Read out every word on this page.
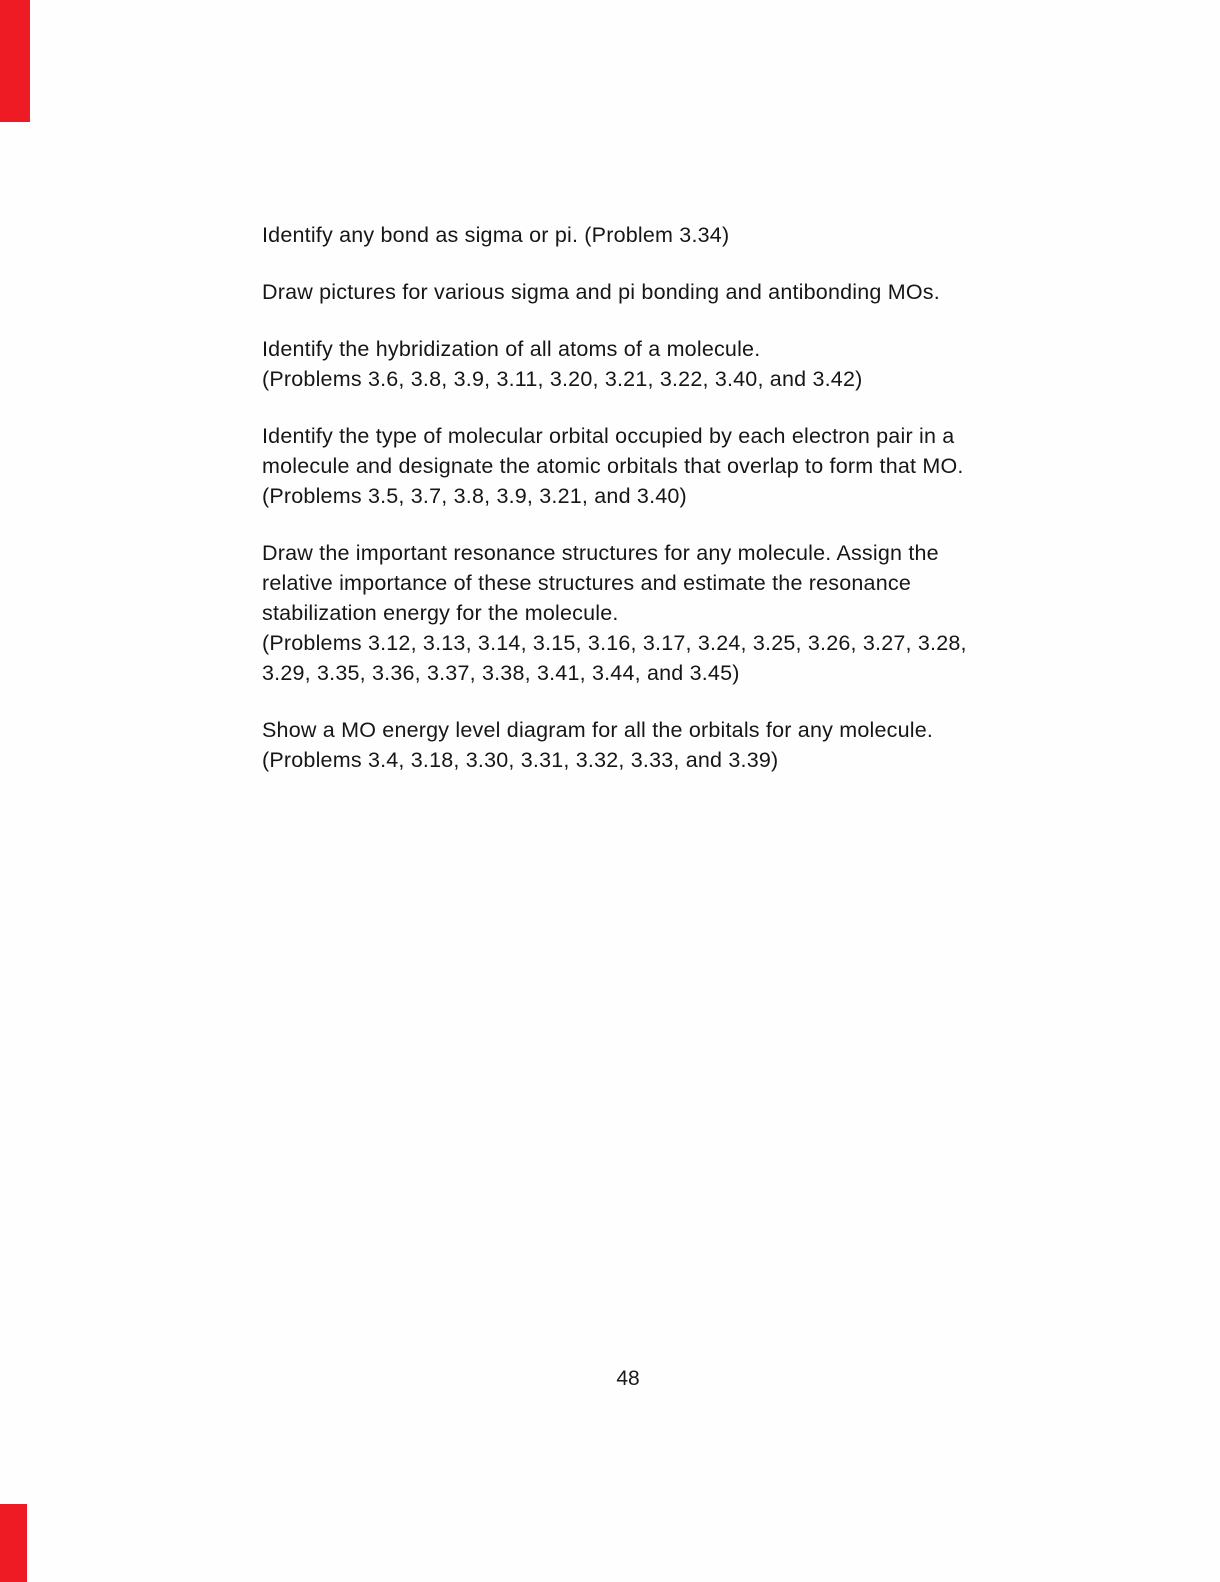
Identify any bond as sigma or pi. (Problem 3.34)

Draw pictures for various sigma and pi bonding and antibonding MOs.

Identify the hybridization of all atoms of a molecule.
(Problems 3.6, 3.8, 3.9, 3.11, 3.20, 3.21, 3.22, 3.40, and 3.42)

Identify the type of molecular orbital occupied by each electron pair in a
molecule and designate the atomic orbitals that overlap to form that MO.
(Problems 3.5, 3.7, 3.8, 3.9, 3.21, and 3.40)

Draw the important resonance structures for any molecule. Assign the
relative importance of these structures and estimate the resonance
stabilization energy for the molecule.
(Problems 3.12, 3.13, 3.14, 3.15, 3.16, 3.17, 3.24, 3.25, 3.26, 3.27, 3.28,
3.29, 3.35, 3.36, 3.37, 3.38, 3.41, 3.44, and 3.45)

Show a MO energy level diagram for all the orbitals for any molecule.
(Problems 3.4, 3.18, 3.30, 3.31, 3.32, 3.33, and 3.39)

48
